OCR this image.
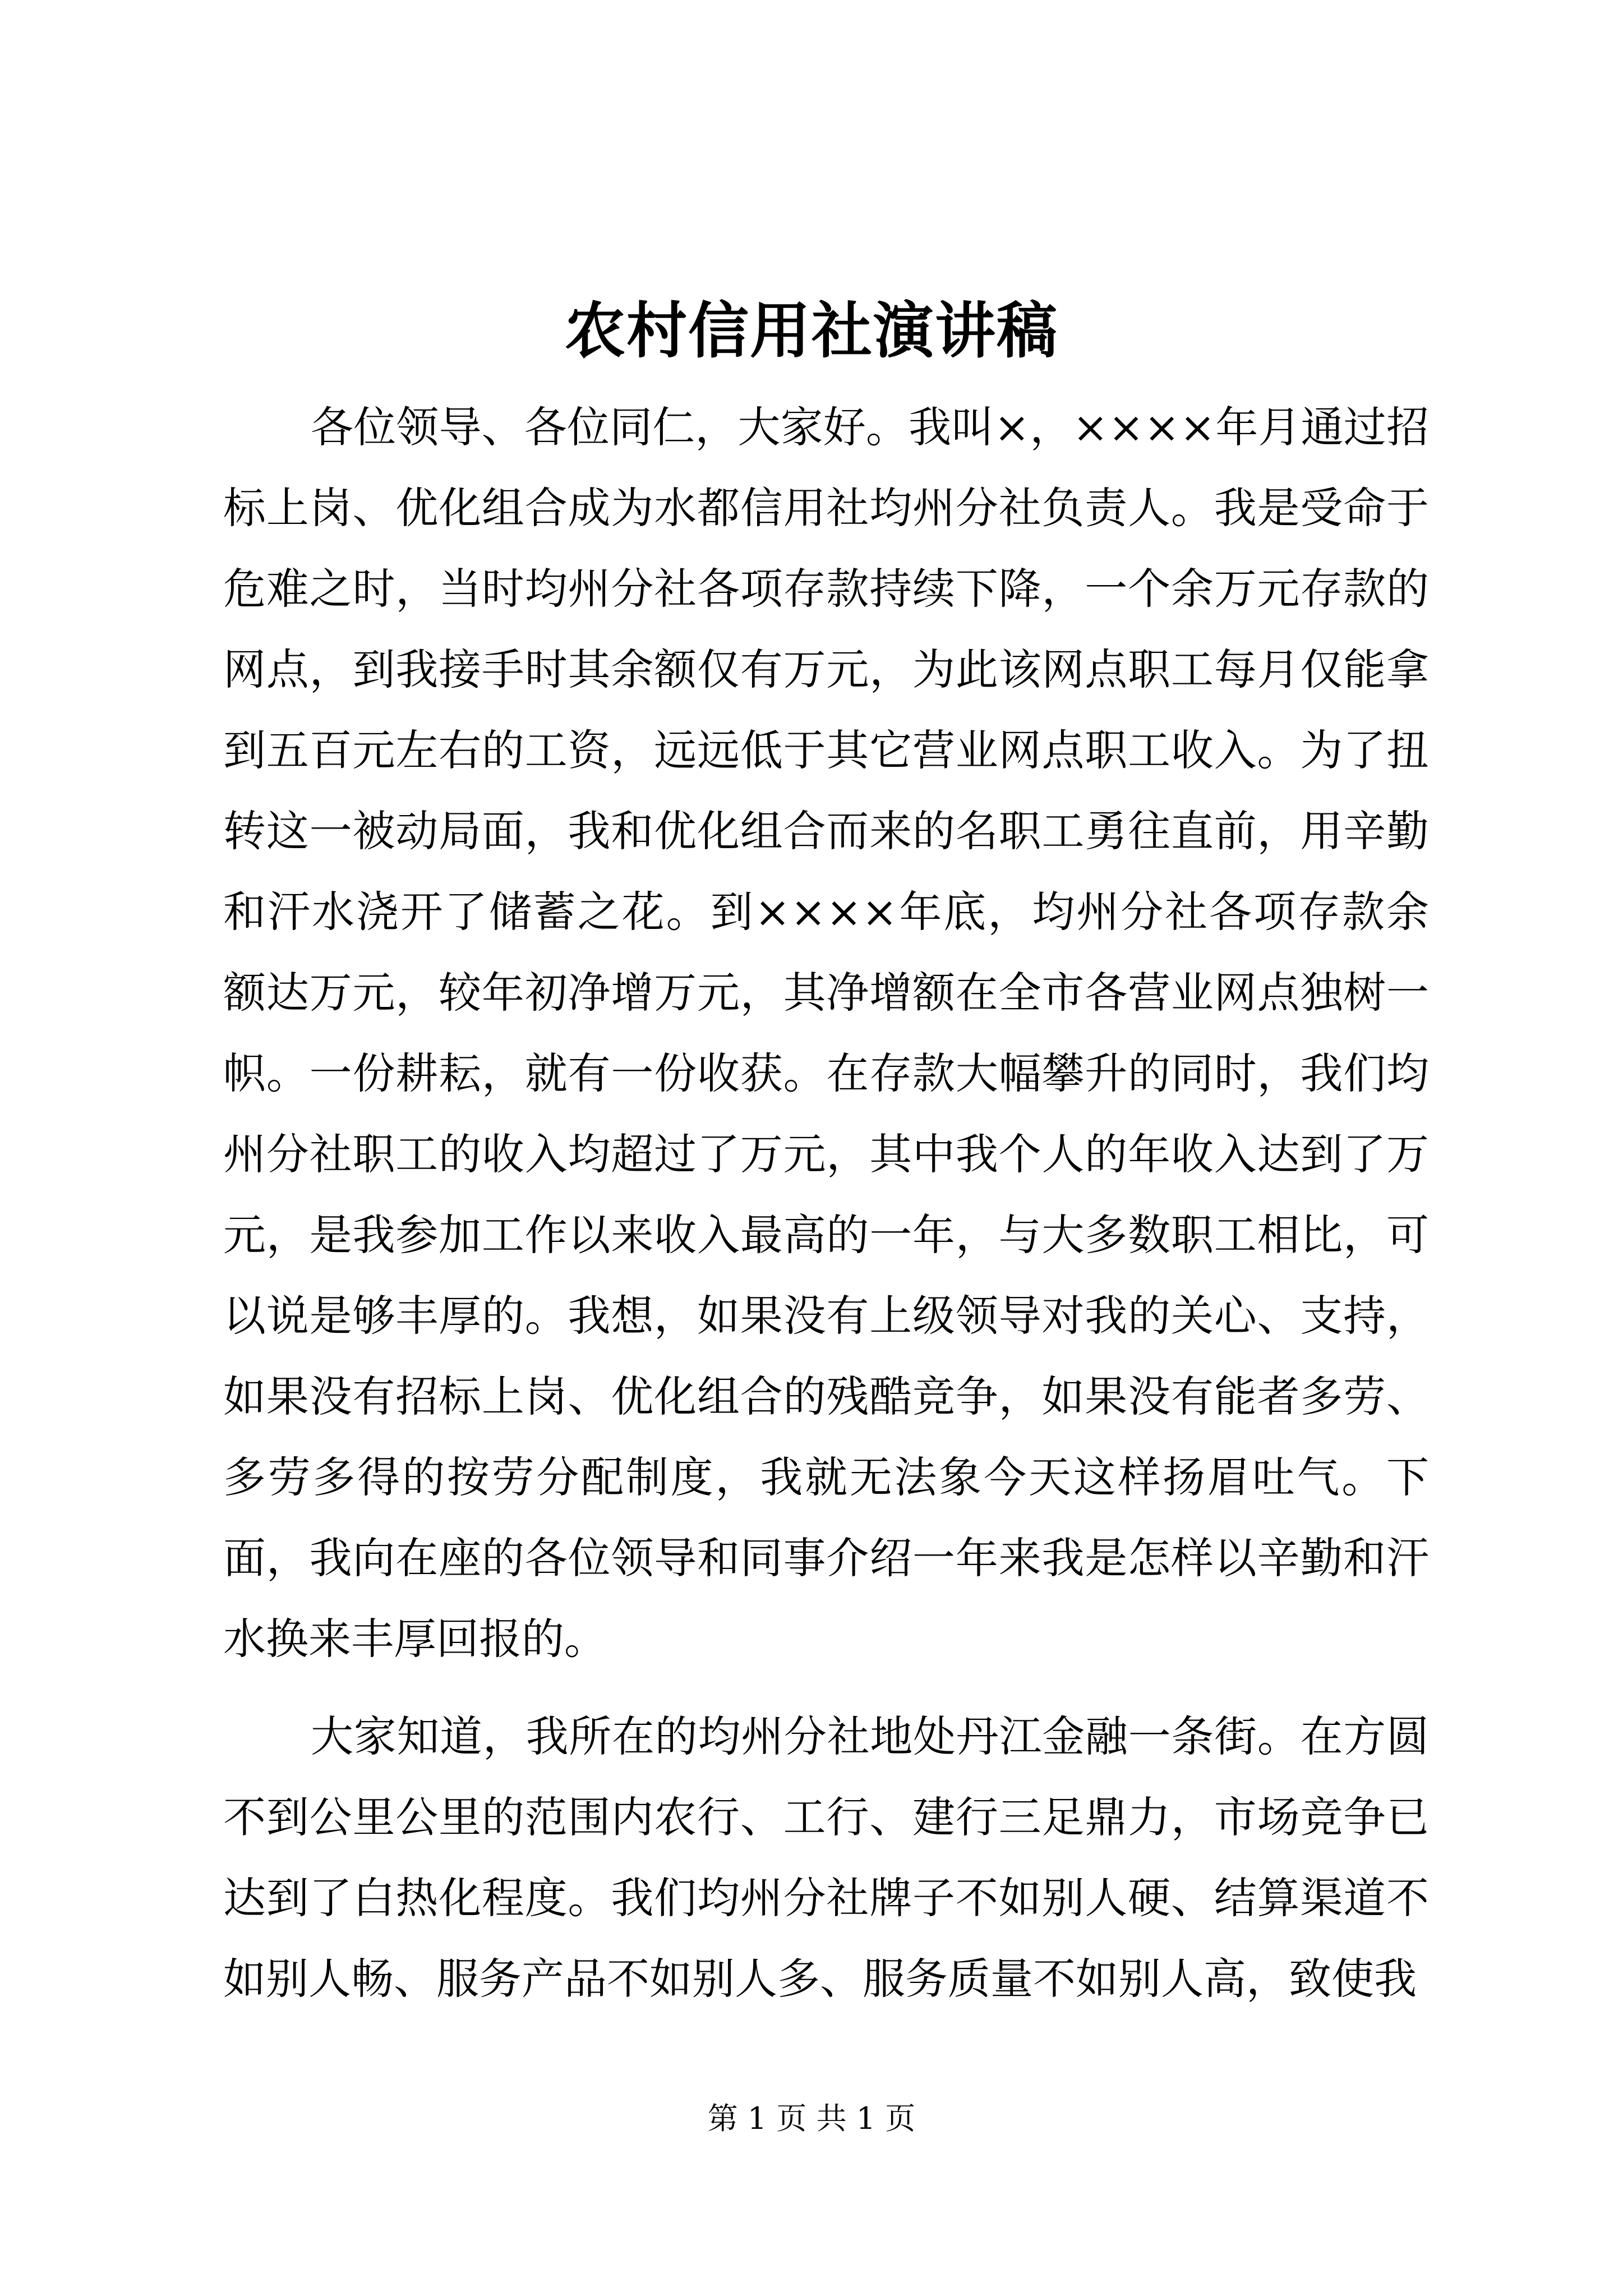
农村信用社演讲稿

各位领导、各位同仁，大家好。我叫×，××××年月通过招标上岗、优化组合成为水都信用社均州分社负责人。我是受命于危难之时，当时均州分社各项存款持续下降，一个余万元存款的网点，到我接手时其余额仅有万元，为此该网点职工每月仅能拿到五百元左右的工资，远远低于其它营业网点职工收入。为了扭转这一被动局面，我和优化组合而来的名职工勇往直前，用辛勤和汗水浇开了储蓄之花。到××××年底，均州分社各项存款余额达万元，较年初净增万元，其净增额在全市各营业网点独树一帜。一份耕耘，就有一份收获。在存款大幅攀升的同时，我们均州分社职工的收入均超过了万元，其中我个人的年收入达到了万元，是我参加工作以来收入最高的一年，与大多数职工相比，可以说是够丰厚的。我想，如果没有上级领导对我的关心、支持，如果没有招标上岗、优化组合的残酷竞争，如果没有能者多劳、多劳多得的按劳分配制度，我就无法象今天这样扬眉吐气。下面，我向在座的各位领导和同事介绍一年来我是怎样以辛勤和汗水换来丰厚回报的。

大家知道，我所在的均州分社地处丹江金融一条街。在方圆不到公里公里的范围内农行、工行、建行三足鼎力，市场竞争已达到了白热化程度。我们均州分社牌子不如别人硬、结算渠道不如别人畅、服务产品不如别人多、服务质量不如别人高，致使我

第 1 页 共 1 页
